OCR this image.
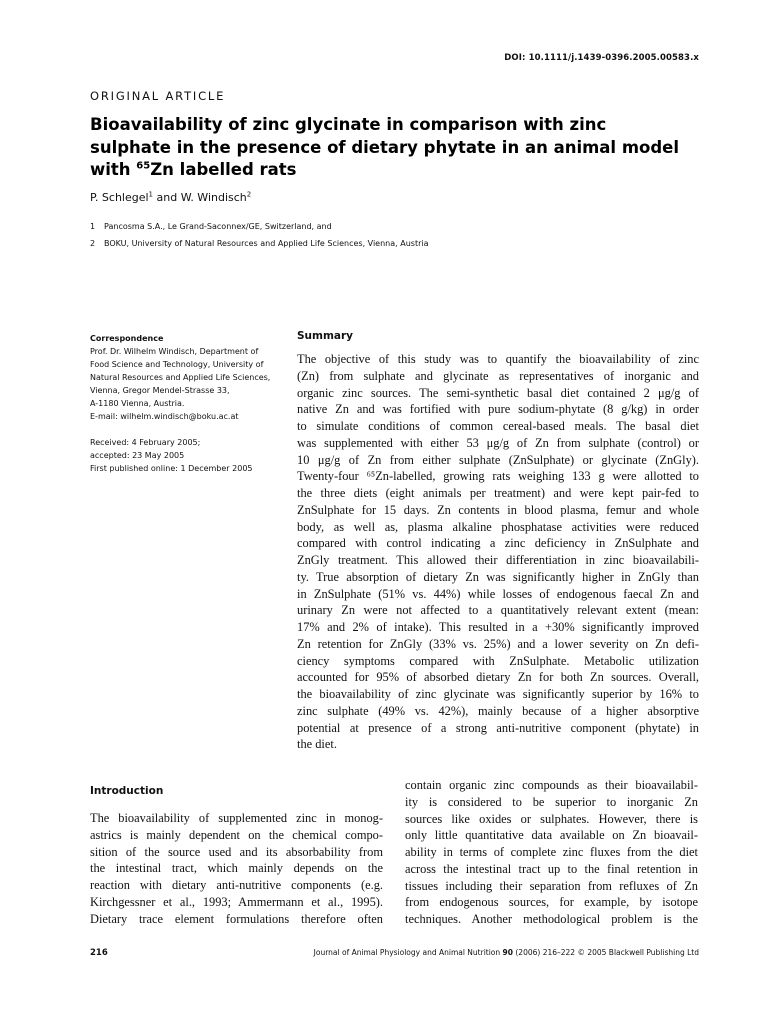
DOI: 10.1111/j.1439-0396.2005.00583.x
ORIGINAL ARTICLE
Bioavailability of zinc glycinate in comparison with zinc
sulphate in the presence of dietary phytate in an animal model
with $^{65}$Zn labelled rats
P. Schlegel$^1$ and W. Windisch$^2$
1	Pancosma S.A., Le Grand-Saconnex/GE, Switzerland, and
2	BOKU, University of Natural Resources and Applied Life Sciences, Vienna, Austria
Correspondence
Prof. Dr. Wilhelm Windisch, Department of
Food Science and Technology, University of
Natural Resources and Applied Life Sciences,
Vienna, Gregor Mendel-Strasse 33,
A-1180 Vienna, Austria.
E-mail: wilhelm.windisch@boku.ac.at
Received: 4 February 2005;
accepted: 23 May 2005
First published online: 1 December 2005
Summary
The objective of this study was to quantify the bioavailability of zinc
(Zn) from sulphate and glycinate as representatives of inorganic and
organic zinc sources. The semi-synthetic basal diet contained 2 μg/g of
native Zn and was fortified with pure sodium-phytate (8 g/kg) in order
to simulate conditions of common cereal-based meals. The basal diet
was supplemented with either 53 μg/g of Zn from sulphate (control) or
10 μg/g of Zn from either sulphate (ZnSulphate) or glycinate (ZnGly).
Twenty-four ⁶⁵Zn-labelled, growing rats weighing 133 g were allotted to
the three diets (eight animals per treatment) and were kept pair-fed to
ZnSulphate for 15 days. Zn contents in blood plasma, femur and whole
body, as well as, plasma alkaline phosphatase activities were reduced
compared with control indicating a zinc deficiency in ZnSulphate and
ZnGly treatment. This allowed their differentiation in zinc bioavailabili-
ty. True absorption of dietary Zn was significantly higher in ZnGly than
in ZnSulphate (51% vs. 44%) while losses of endogenous faecal Zn and
urinary Zn were not affected to a quantitatively relevant extent (mean:
17% and 2% of intake). This resulted in a +30% significantly improved
Zn retention for ZnGly (33% vs. 25%) and a lower severity on Zn defi-
ciency symptoms compared with ZnSulphate. Metabolic utilization
accounted for 95% of absorbed dietary Zn for both Zn sources. Overall,
the bioavailability of zinc glycinate was significantly superior by 16% to
zinc sulphate (49% vs. 42%), mainly because of a higher absorptive
potential at presence of a strong anti-nutritive component (phytate) in
the diet.
Introduction
The bioavailability of supplemented zinc in monog-
astrics is mainly dependent on the chemical compo-
sition of the source used and its absorbability from
the intestinal tract, which mainly depends on the
reaction with dietary anti-nutritive components (e.g.
Kirchgessner et al., 1993; Ammermann et al., 1995).
Dietary trace element formulations therefore often
contain organic zinc compounds as their bioavailabil-
ity is considered to be superior to inorganic Zn
sources like oxides or sulphates. However, there is
only little quantitative data available on Zn bioavail-
ability in terms of complete zinc fluxes from the diet
across the intestinal tract up to the final retention in
tissues including their separation from refluxes of Zn
from endogenous sources, for example, by isotope
techniques. Another methodological problem is the
216	Journal of Animal Physiology and Animal Nutrition 90 (2006) 216–222 © 2005 Blackwell Publishing Ltd
